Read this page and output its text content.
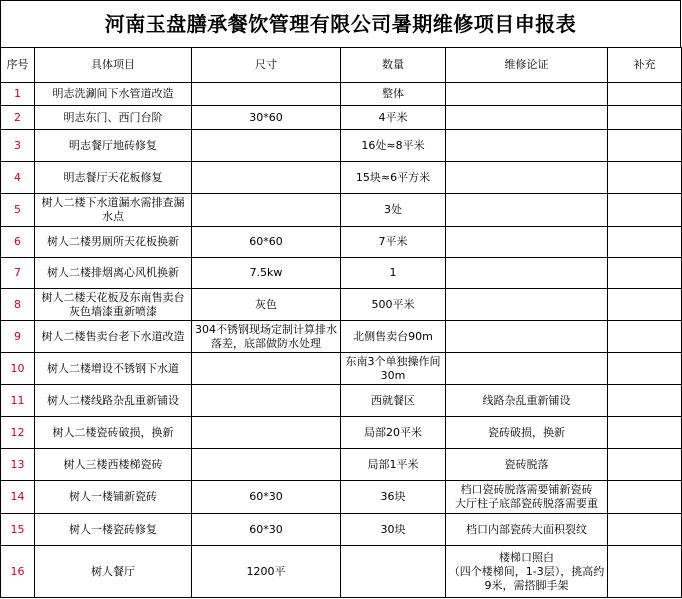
河南玉盘膳承餐饮管理有限公司暑期维修项目申报表
序号	具体项目	尺寸	数量	维修论证	补充
1	明志洗涮间下水管道改造		整体		
2	明志东门、西门台阶	30*60	4平米		
3	明志餐厅地砖修复		16处≈8平米		
4	明志餐厅天花板修复		15块≈6平方米		
5	树人二楼下水道漏水需排查漏水点		3处		
6	树人二楼男厕所天花板换新	60*60	7平米		
7	树人二楼排烟离心风机换新	7.5kw	1		
8	树人二楼天花板及东南售卖台灰色墙漆重新喷漆	灰色	500平米		
9	树人二楼售卖台老下水道改造	304不锈钢现场定制计算排水落差，底部做防水处理	北侧售卖台90m		
10	树人二楼增设不锈钢下水道		东南3个单独操作间30m		
11	树人二楼线路杂乱重新铺设		西就餐区	线路杂乱重新铺设	
12	树人二楼瓷砖破损，换新		局部20平米	瓷砖破损，换新	
13	树人三楼西楼梯瓷砖		局部1平米	瓷砖脱落	
14	树人一楼铺新瓷砖	60*30	36块	档口瓷砖脱落需要铺新瓷砖
大厅柱子底部瓷砖脱落需要重	
15	树人一楼瓷砖修复	60*30	30块	档口内部瓷砖大面积裂纹	
16	树人餐厅	1200平		楼梯口照白
（四个楼梯间，1-3层），挑高约9米，需搭脚手架	
